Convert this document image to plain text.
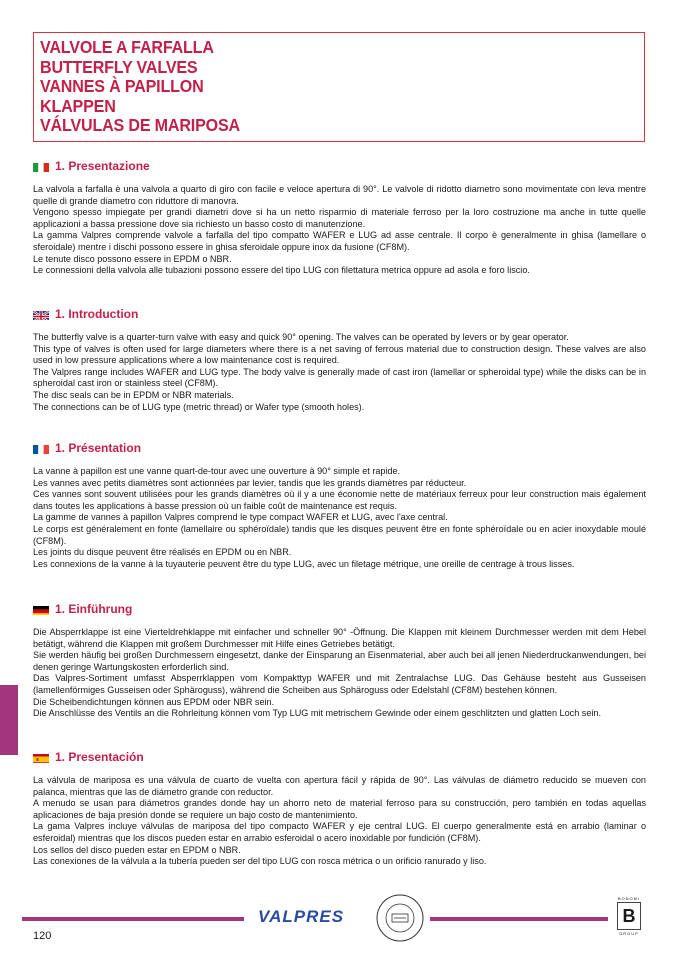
VALVOLE A FARFALLA
BUTTERFLY VALVES
VANNES À PAPILLON
KLAPPEN
VÁLVULAS DE MARIPOSA
1. Presentazione

La valvola a farfalla è una valvola a quarto di giro con facile e veloce apertura di 90°. Le valvole di ridotto diametro sono movimentate con leva mentre quelle di grande diametro con riduttore di manovra.

Vengono spesso impiegate per grandi diametri dove si ha un netto risparmio di materiale ferroso per la loro costruzione ma anche in tutte quelle applicazioni a bassa pressione dove sia richiesto un basso costo di manutenzione.

La gamma Valpres comprende valvole a farfalla del tipo compatto WAFER e LUG ad asse centrale. Il corpo è generalmente in ghisa (lamellare o sferoidale) mentre i dischi possono essere in ghisa sferoidale oppure inox da fusione (CF8M).

Le tenute disco possono essere in EPDM o NBR.

Le connessioni della valvola alle tubazioni possono essere del tipo LUG con filettatura metrica oppure ad asola e foro liscio.

1. Introduction

The butterfly valve is a quarter-turn valve with easy and quick 90° opening. The valves can be operated by levers or by gear operator.

This type of valves is often used for large diameters where there is a net saving of ferrous material due to construction design. These valves are also used in low pressure applications where a low maintenance cost is required.

The Valpres range includes WAFER and LUG type. The body valve is generally made of cast iron (lamellar or spheroidal type) while the disks can be in spheroidal cast iron or stainless steel (CF8M).

The disc seals can be in EPDM or NBR materials.

The connections can be of LUG type (metric thread) or Wafer type (smooth holes).

1. Présentation

La vanne à papillon est une vanne quart-de-tour avec une ouverture à 90° simple et rapide.

Les vannes avec petits diamètres sont actionnées par levier, tandis que les grands diamètres par réducteur.

Ces vannes sont souvent utilisées pour les grands diamètres où il y a une économie nette de matériaux ferreux pour leur construction mais également dans toutes les applications à basse pression où un faible coût de maintenance est requis.

La gamme de vannes à papillon Valpres comprend le type compact WAFER et LUG, avec l'axe central.

Le corps est généralement en fonte (lamellaire ou sphéroïdale) tandis que les disques peuvent être en fonte sphéroïdale ou en acier inoxydable moulé (CF8M).

Les joints du disque peuvent être réalisés en EPDM ou en NBR.

Les connexions de la vanne à la tuyauterie peuvent être du type LUG, avec un filetage métrique, une oreille de centrage à trous lisses.

1. Einführung

Die Absperrklappe ist eine Vierteldrehklappe mit einfacher und schneller 90° -Öffnung. Die Klappen mit kleinem Durchmesser werden mit dem Hebel betätigt, während die Klappen mit großem Durchmesser mit Hilfe eines Getriebes betätigt.

Sie werden häufig bei großen Durchmessern eingesetzt, danke der Einsparung an Eisenmaterial, aber auch bei all jenen Niederdruckanwendungen, bei denen geringe Wartungskosten erforderlich sind.

Das Valpres-Sortiment umfasst Absperrklappen vom Kompakttyp WAFER und mit Zentralachse LUG. Das Gehäuse besteht aus Gusseisen (lamellenförmiges Gusseisen oder Sphäroguss), während die Scheiben aus Sphäroguss oder Edelstahl (CF8M) bestehen können.

Die Scheibendichtungen können aus EPDM oder NBR sein.

Die Anschlüsse des Ventils an die Rohrleitung können vom Typ LUG mit metrischem Gewinde oder einem geschlitzten und glatten Loch sein.

1. Presentación

La válvula de mariposa es una válvula de cuarto de vuelta con apertura fácil y rápida de 90°. Las válvulas de diámetro reducido se mueven con palanca, mientras que las de diámetro grande con reductor.

A menudo se usan para diámetros grandes donde hay un ahorro neto de material ferroso para su construcción, pero también en todas aquellas aplicaciones de baja presión donde se requiere un bajo costo de mantenimiento.

La gama Valpres incluye válvulas de mariposa del tipo compacto WAFER y eje central LUG. El cuerpo generalmente está en arrabio (laminar o esferoidal) mientras que los discos pueden estar en arrabio esferoidal o acero inoxidable por fundición (CF8M).

Los sellos del disco pueden estar en EPDM o NBR.

Las conexiones de la válvula a la tubería pueden ser del tipo LUG con rosca métrica o un orificio ranurado y liso.

120
VALPRES
BONOMI
B
GROUP
